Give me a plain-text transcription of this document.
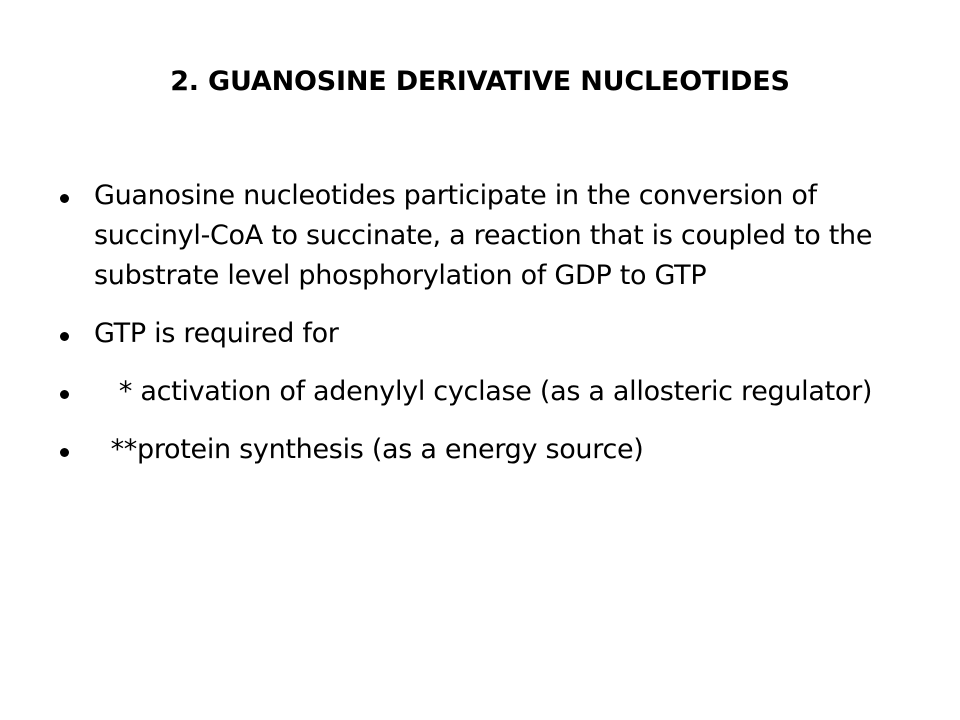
2. GUANOSINE DERIVATIVE NUCLEOTIDES
Guanosine nucleotides participate in the conversion of succinyl-CoA to succinate, a reaction that is coupled to the substrate level phosphorylation of GDP to GTP
GTP is required for
* activation of adenylyl cyclase (as a allosteric regulator)
**protein synthesis (as a energy source)
